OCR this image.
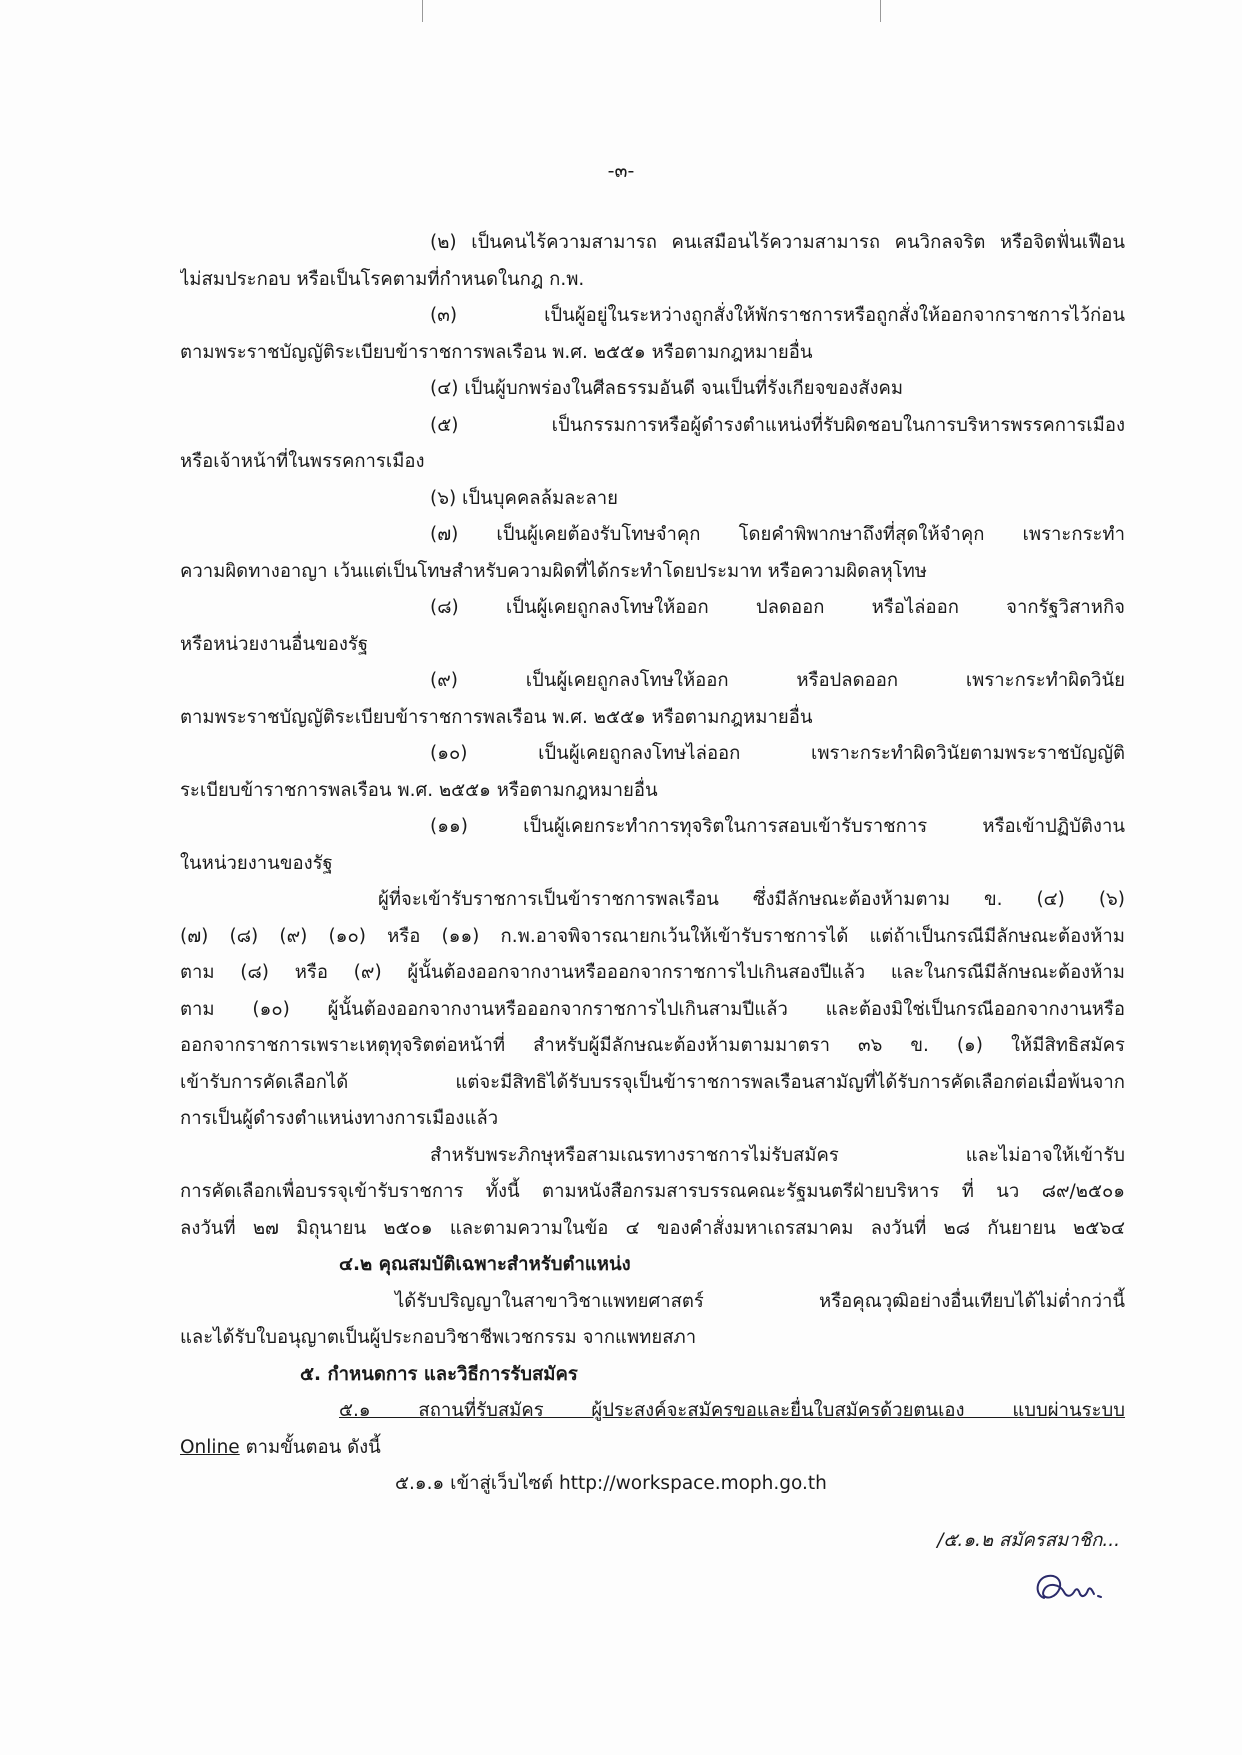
-๓-
(๒) เป็นคนไร้ความสามารถ คนเสมือนไร้ความสามารถ คนวิกลจริต หรือจิตฟั่นเฟือน
ไม่สมประกอบ หรือเป็นโรคตามที่กำหนดในกฎ ก.พ.
(๓) เป็นผู้อยู่ในระหว่างถูกสั่งให้พักราชการหรือถูกสั่งให้ออกจากราชการไว้ก่อน
ตามพระราชบัญญัติระเบียบข้าราชการพลเรือน พ.ศ. ๒๕๕๑ หรือตามกฎหมายอื่น
(๔) เป็นผู้บกพร่องในศีลธรรมอันดี จนเป็นที่รังเกียจของสังคม
(๕) เป็นกรรมการหรือผู้ดำรงตำแหน่งที่รับผิดชอบในการบริหารพรรคการเมือง
หรือเจ้าหน้าที่ในพรรคการเมือง
(๖) เป็นบุคคลล้มละลาย
(๗) เป็นผู้เคยต้องรับโทษจำคุก โดยคำพิพากษาถึงที่สุดให้จำคุก เพราะกระทำ
ความผิดทางอาญา เว้นแต่เป็นโทษสำหรับความผิดที่ได้กระทำโดยประมาท หรือความผิดลหุโทษ
(๘) เป็นผู้เคยถูกลงโทษให้ออก ปลดออก หรือไล่ออก จากรัฐวิสาหกิจ
หรือหน่วยงานอื่นของรัฐ
(๙) เป็นผู้เคยถูกลงโทษให้ออก หรือปลดออก เพราะกระทำผิดวินัย
ตามพระราชบัญญัติระเบียบข้าราชการพลเรือน พ.ศ. ๒๕๕๑ หรือตามกฎหมายอื่น
(๑๐) เป็นผู้เคยถูกลงโทษไล่ออก เพราะกระทำผิดวินัยตามพระราชบัญญัติ
ระเบียบข้าราชการพลเรือน พ.ศ. ๒๕๕๑ หรือตามกฎหมายอื่น
(๑๑) เป็นผู้เคยกระทำการทุจริตในการสอบเข้ารับราชการ หรือเข้าปฏิบัติงาน
ในหน่วยงานของรัฐ
ผู้ที่จะเข้ารับราชการเป็นข้าราชการพลเรือน ซึ่งมีลักษณะต้องห้ามตาม ข. (๔) (๖)
(๗) (๘) (๙) (๑๐) หรือ (๑๑) ก.พ.อาจพิจารณายกเว้นให้เข้ารับราชการได้ แต่ถ้าเป็นกรณีมีลักษณะต้องห้าม
ตาม (๘) หรือ (๙) ผู้นั้นต้องออกจากงานหรือออกจากราชการไปเกินสองปีแล้ว และในกรณีมีลักษณะต้องห้าม
ตาม (๑๐) ผู้นั้นต้องออกจากงานหรือออกจากราชการไปเกินสามปีแล้ว และต้องมิใช่เป็นกรณีออกจากงานหรือ
ออกจากราชการเพราะเหตุทุจริตต่อหน้าที่ สำหรับผู้มีลักษณะต้องห้ามตามมาตรา ๓๖ ข. (๑) ให้มีสิทธิสมัคร
เข้ารับการคัดเลือกได้ แต่จะมีสิทธิได้รับบรรจุเป็นข้าราชการพลเรือนสามัญที่ได้รับการคัดเลือกต่อเมื่อพ้นจาก
การเป็นผู้ดำรงตำแหน่งทางการเมืองแล้ว
สำหรับพระภิกษุหรือสามเณรทางราชการไม่รับสมัคร และไม่อาจให้เข้ารับ
การคัดเลือกเพื่อบรรจุเข้ารับราชการ ทั้งนี้ ตามหนังสือกรมสารบรรณคณะรัฐมนตรีฝ่ายบริหาร ที่ นว ๘๙/๒๕๐๑
ลงวันที่ ๒๗ มิถุนายน ๒๕๐๑ และตามความในข้อ ๔ ของคำสั่งมหาเถรสมาคม ลงวันที่ ๒๘ กันยายน ๒๕๖๔
๔.๒ คุณสมบัติเฉพาะสำหรับตำแหน่ง
ได้รับปริญญาในสาขาวิชาแพทยศาสตร์ หรือคุณวุฒิอย่างอื่นเทียบได้ไม่ต่ำกว่านี้
และได้รับใบอนุญาตเป็นผู้ประกอบวิชาชีพเวชกรรม จากแพทยสภา
๕. กำหนดการ และวิธีการรับสมัคร
๕.๑ สถานที่รับสมัคร ผู้ประสงค์จะสมัครขอและยื่นใบสมัครด้วยตนเอง แบบผ่านระบบ
Online ตามขั้นตอน ดังนี้
๕.๑.๑ เข้าสู่เว็บไซต์ http://workspace.moph.go.th
/๕.๑.๒ สมัครสมาชิก...
